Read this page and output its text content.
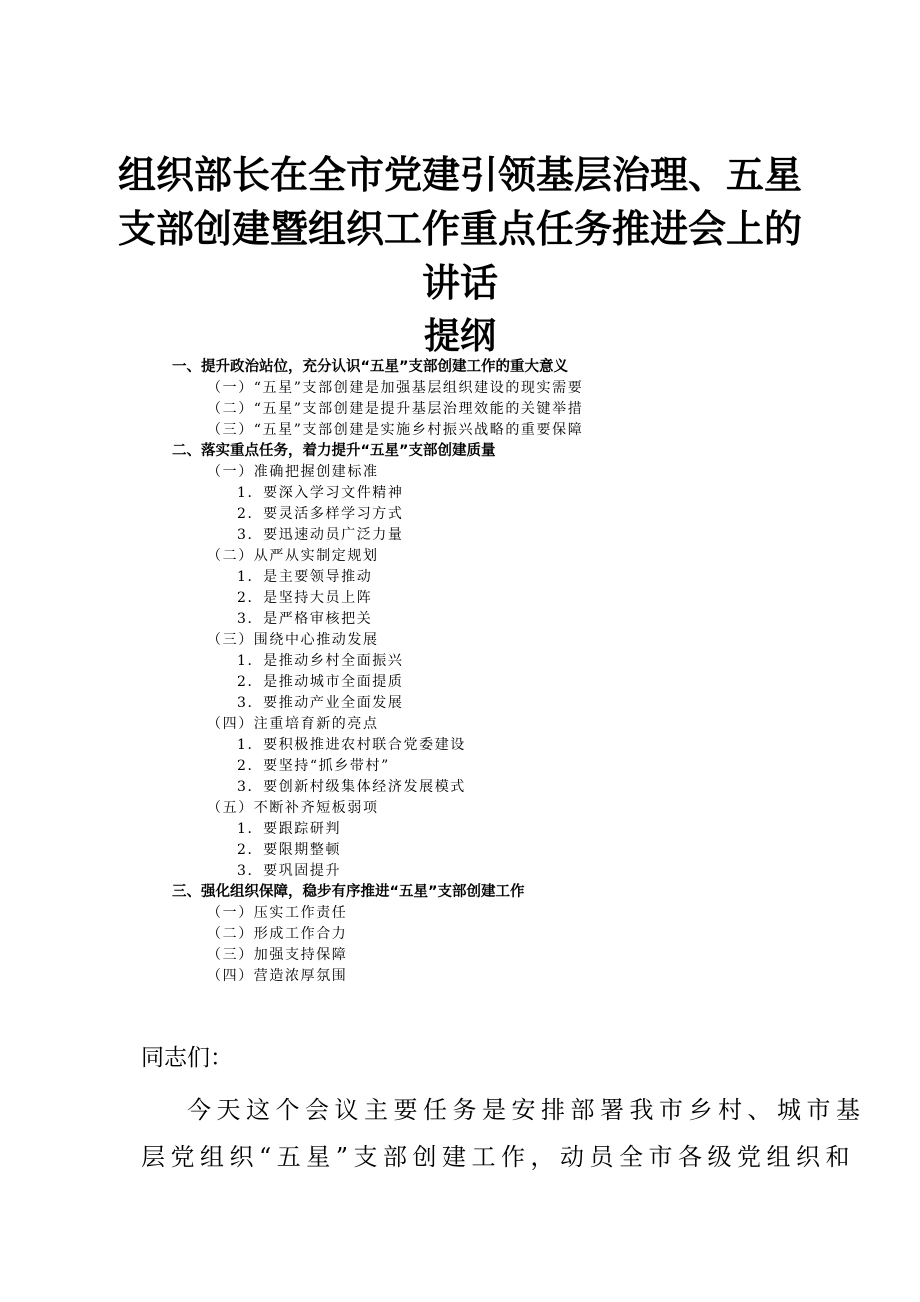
组织部长在全市党建引领基层治理、五星

支部创建暨组织工作重点任务推进会上的

讲话

提纲

一、提升政治站位，充分认识“五星”支部创建工作的重大意义
（一）“五星”支部创建是加强基层组织建设的现实需要
（二）“五星”支部创建是提升基层治理效能的关键举措
（三）“五星”支部创建是实施乡村振兴战略的重要保障
二、落实重点任务，着力提升“五星”支部创建质量
（一）准确把握创建标准
1．要深入学习文件精神
2．要灵活多样学习方式
3．要迅速动员广泛力量
（二）从严从实制定规划
1．是主要领导推动
2．是坚持大员上阵
3．是严格审核把关
（三）围绕中心推动发展
1．是推动乡村全面振兴
2．是推动城市全面提质
3．要推动产业全面发展
（四）注重培育新的亮点
1．要积极推进农村联合党委建设
2．要坚持“抓乡带村”
3．要创新村级集体经济发展模式
（五）不断补齐短板弱项
1．要跟踪研判
2．要限期整顿
3．要巩固提升
三、强化组织保障，稳步有序推进“五星”支部创建工作
（一）压实工作责任
（二）形成工作合力
（三）加强支持保障
（四）营造浓厚氛围
同志们：
今天这个会议主要任务是安排部署我市乡村、城市基
层党组织“五星”支部创建工作，动员全市各级党组织和
